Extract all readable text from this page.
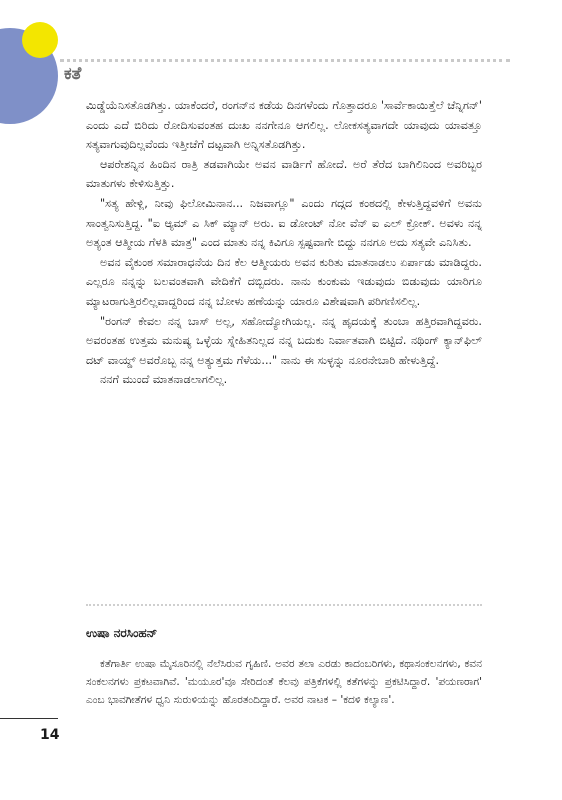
ಕತೆ

ಮಿಡ್ಡೆಯೆನಿಸತೊಡಗಿತ್ತು. ಯಾಕೆಂದರೆ, ರಂಗನ್‌ನ ಕಡೆಯ ದಿನಗಳೆಂದು ಗೊತ್ತಾದರೂ 'ಸಾರ್ವೆಕಾಯಿತ್ತೆಲೆ ಚೆನ್ನಿಗನ್' ಎಂದು ಎದೆ ಬಿರಿದು ರೋದಿಸುವಂತಹ ದುಃಖ ನನಗೇನೂ ಆಗಲಿಲ್ಲ. ಲೋಕಸತ್ಯವಾಗದೇ ಯಾವುದು ಯಾವತ್ತೂ ಸತ್ಯವಾಗುವುದಿಲ್ಲವೆಂದು ಇತ್ತೀಚೆಗೆ ದಟ್ಟವಾಗಿ ಅನ್ನಿಸತೊಡಗಿತ್ತು.

ಆಪರೇಶನ್ನಿನ ಹಿಂದಿನ ರಾತ್ರಿ ತಡವಾಗಿಯೇ ಅವನ ವಾರ್ಡಿಗೆ ಹೋದೆ. ಅರೆ ತೆರೆದ ಬಾಗಿಲಿನಿಂದ ಅವರಿಬ್ಬರ ಮಾತುಗಳು ಕೇಳಿಸುತ್ತಿತ್ತು.

"ಸತ್ಯ ಹೇಳ್ಲಿ, ನೀವು ಫಿಲೋಮಿನಾನ... ನಿಜವಾಗ್ಲೂ" ಎಂದು ಗದ್ಗದ ಕಂಠದಲ್ಲಿ ಕೇಳುತ್ತಿದ್ದವಳಿಗೆ ಅವನು ಸಾಂತ್ವನಿಸುತ್ತಿದ್ದ. "ಐ ಆ್ಯಮ್ ಎ ಸಿಕ್ ಮ್ಯಾನ್ ಅರು. ಐ ಡೋಂಟ್ ನೋ ವೆನ್ ಐ ಎಲ್ ಕ್ರೋಕ್. ಅವಳು ನನ್ನ ಅತ್ಯಂತ ಆತ್ಮೀಯ ಗೆಳತಿ ಮಾತ್ರ" ಎಂದ ಮಾತು ನನ್ನ ಕಿವಿಗೂ ಸ್ಪಷ್ಟವಾಗೇ ಬಿದ್ದು ನನಗೂ ಅದು ಸತ್ಯವೇ ಎನಿಸಿತು.

ಅವನ ವೈಕುಂಠ ಸಮಾರಾಧನೆಯ ದಿನ ಕೆಲ ಆತ್ಮೀಯರು ಅವನ ಕುರಿತು ಮಾತನಾಡಲು ಏರ್ಪಾಡು ಮಾಡಿದ್ದರು. ಎಲ್ಲರೂ ನನ್ನನ್ನು ಬಲವಂತವಾಗಿ ವೇದಿಕೆಗೆ ದಬ್ಬಿದರು. ನಾನು ಕುಂಕುಮ ಇಡುವುದು ಬಿಡುವುದು ಯಾರಿಗೂ ಮ್ಯಾಟರಾಗುತ್ತಿರಲಿಲ್ಲವಾದ್ದರಿಂದ ನನ್ನ ಬೋಳು ಹಣೆಯನ್ನು ಯಾರೂ ವಿಶೇಷವಾಗಿ ಪರಿಗಣಿಸಲಿಲ್ಲ.

"ರಂಗನ್ ಕೇವಲ ನನ್ನ ಬಾಸ್ ಅಲ್ಲ, ಸಹೋದ್ಯೋಗಿಯಲ್ಲ. ನನ್ನ ಹೃದಯಕ್ಕೆ ತುಂಬಾ ಹತ್ತಿರವಾಗಿದ್ದವರು. ಅವರಂತಹ ಉತ್ತಮ ಮನುಷ್ಯ ಒಳ್ಳೆಯ ಸ್ನೇಹಿತನಿಲ್ಲದ ನನ್ನ ಬದುಕು ನಿರ್ವಾತವಾಗಿ ಬಿಟ್ಟಿದೆ. ನಥಿಂಗ್ ಕ್ಯಾನ್‌ಫಿಲ್ ದಟ್ ವಾಯ್ಡ್ ಅವರೊಬ್ಬ ನನ್ನ ಅತ್ಯುತ್ತಮ ಗೆಳೆಯ..." ನಾನು ಈ ಸುಳ್ಳನ್ನು ನೂರನೇಬಾರಿ ಹೇಳುತ್ತಿದ್ದೆ.

ನನಗೆ ಮುಂದೆ ಮಾತನಾಡಲಾಗಲಿಲ್ಲ.

ಉಷಾ ನರಸಿಂಹನ್
ಕತೆಗಾರ್ತಿ ಉಷಾ ಮೈಸೂರಿನಲ್ಲಿ ನೆಲೆಸಿರುವ ಗೃಹಿಣಿ. ಅವರ ತಲಾ ಎರಡು ಕಾದಂಬರಿಗಳು, ಕಥಾಸಂಕಲನಗಳು, ಕವನ ಸಂಕಲನಗಳು ಪ್ರಕಟವಾಗಿವೆ. 'ಮಯೂರ'ವೂ ಸೇರಿದಂತೆ ಕೆಲವು ಪತ್ರಿಕೆಗಳಲ್ಲಿ ಕತೆಗಳನ್ನು ಪ್ರಕಟಿಸಿದ್ದಾರೆ. 'ಪಯಣರಾಗ' ಎಂಬ ಭಾವಗೀತೆಗಳ ಧ್ವನಿ ಸುರುಳಿಯನ್ನು ಹೊರತಂದಿದ್ದಾರೆ. ಅವರ ನಾಟಕ – 'ಕದಳಿ ಕಲ್ಯಾಣ'.
14
